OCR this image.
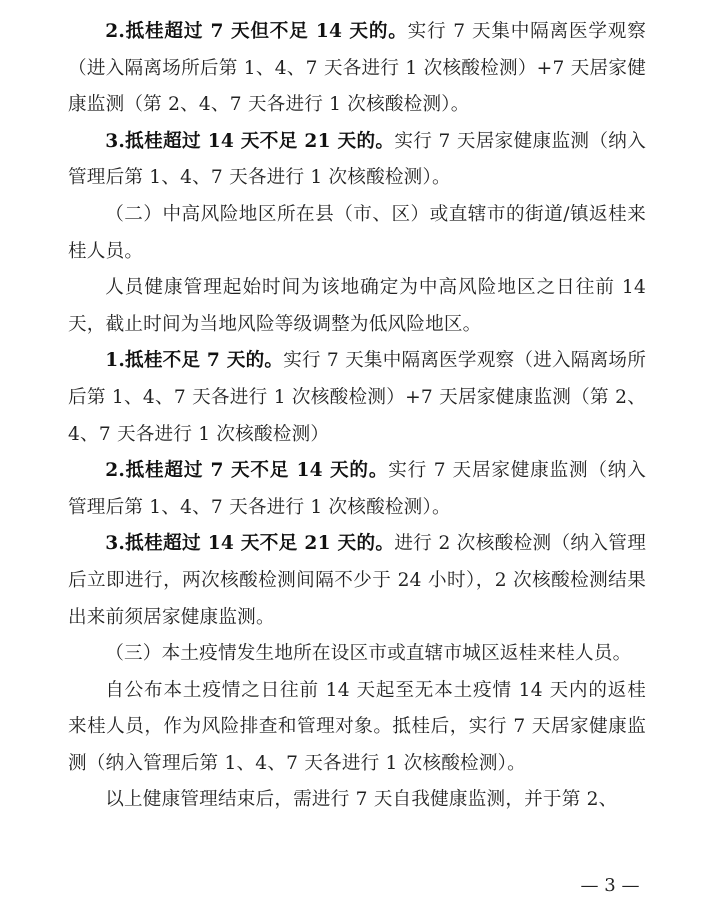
2.抵桂超过 7 天但不足 14 天的。实行 7 天集中隔离医学观察（进入隔离场所后第 1、4、7 天各进行 1 次核酸检测）+7 天居家健康监测（第 2、4、7 天各进行 1 次核酸检测）。

3.抵桂超过 14 天不足 21 天的。实行 7 天居家健康监测（纳入管理后第 1、4、7 天各进行 1 次核酸检测）。

（二）中高风险地区所在县（市、区）或直辖市的街道/镇返桂来桂人员。

人员健康管理起始时间为该地确定为中高风险地区之日往前 14 天，截止时间为当地风险等级调整为低风险地区。

1.抵桂不足 7 天的。实行 7 天集中隔离医学观察（进入隔离场所后第 1、4、7 天各进行 1 次核酸检测）+7 天居家健康监测（第 2、4、7 天各进行 1 次核酸检测）

2.抵桂超过 7 天不足 14 天的。实行 7 天居家健康监测（纳入管理后第 1、4、7 天各进行 1 次核酸检测）。

3.抵桂超过 14 天不足 21 天的。进行 2 次核酸检测（纳入管理后立即进行，两次核酸检测间隔不少于 24 小时），2 次核酸检测结果出来前须居家健康监测。

（三）本土疫情发生地所在设区市或直辖市城区返桂来桂人员。

自公布本土疫情之日往前 14 天起至无本土疫情 14 天内的返桂来桂人员，作为风险排查和管理对象。抵桂后，实行 7 天居家健康监测（纳入管理后第 1、4、7 天各进行 1 次核酸检测）。

以上健康管理结束后，需进行 7 天自我健康监测，并于第 2、

— 3 —
